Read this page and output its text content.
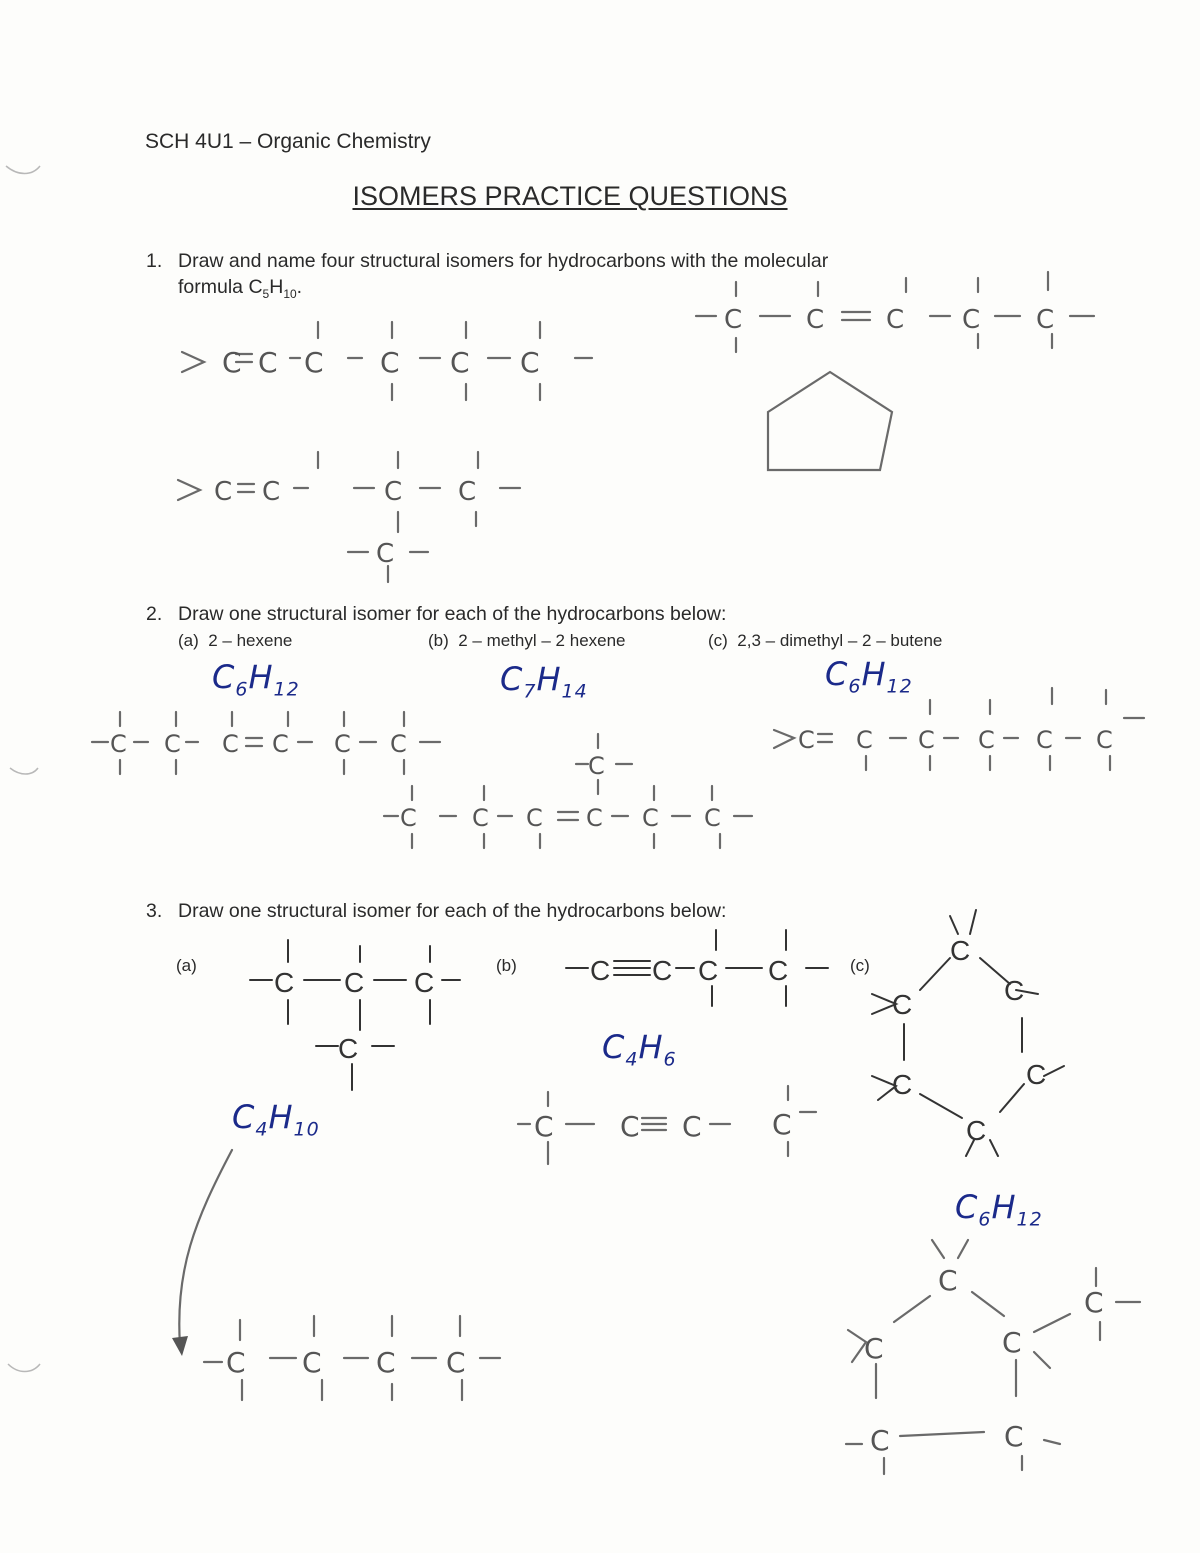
SCH 4U1 – Organic Chemistry
ISOMERS PRACTICE QUESTIONS
1. Draw and name four structural isomers for hydrocarbons with the molecular
formula $C_5H_{10}$.
2. Draw one structural isomer for each of the hydrocarbons below:
(a) 2 – hexene	(b) 2 – methyl – 2 hexene	(c) 2,3 – dimethyl – 2 – butene
3. Draw one structural isomer for each of the hydrocarbons below:
(a)	(b)	(c)
$C_6H_{12}$	$C_7H_{14}$	$C_6H_{12}$
$C_4H_{10}$
$C_4H_6$
$C_6H_{12}$
C C C C C C
C C	C C
C
C C C C C
C C C C C C
C
C C C C C C
C C C C C C
C C C
C
C C C C
C C C	C
C C C C
C
C	C
C	C
C
C
C	C
C
C	C
